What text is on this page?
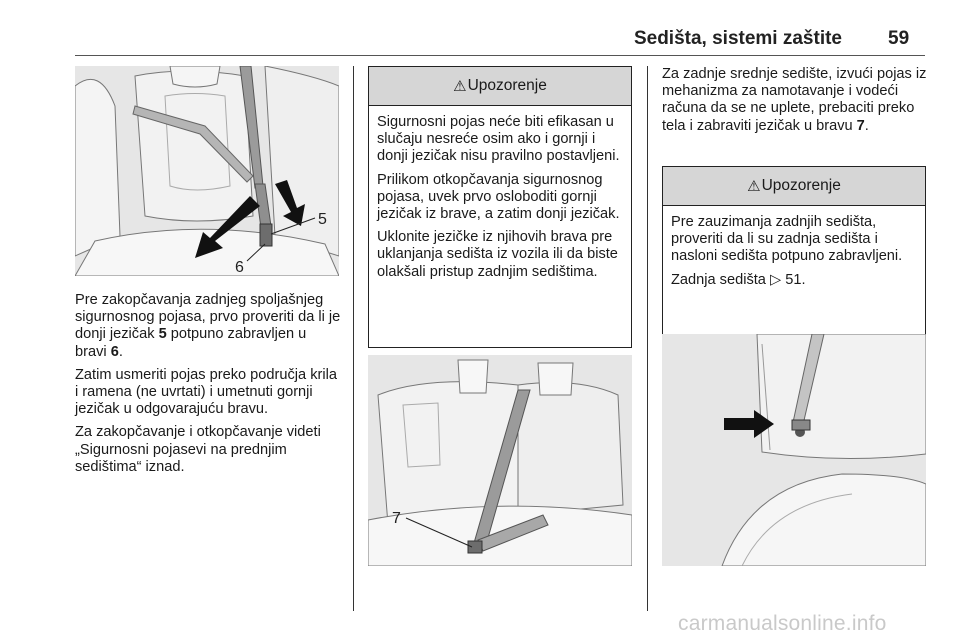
Sedišta, sistemi zaštite 59
5
6

Pre zakopčavanja zadnjeg spoljašnjeg sigurnosnog pojasa, prvo proveriti da li je donji jezičak 5 potpuno zabravljen u bravi 6.

Zatim usmeriti pojas preko područja krila i ramena (ne uvrtati) i umetnuti gornji jezičak u odgovarajuću bravu.

Za zakopčavanje i otkopčavanje videti „Sigurnosni pojasevi na prednjim sedištima“ iznad.

⚠ Upozorenje

Sigurnosni pojas neće biti efikasan u slučaju nesreće osim ako i gornji i donji jezičak nisu pravilno postavljeni.

Prilikom otkopčavanja sigurnosnog pojasa, uvek prvo osloboditi gornji jezičak iz brave, a zatim donji jezičak.

Uklonite jezičke iz njihovih brava pre uklanjanja sedišta iz vozila ili da biste olakšali pristup zadnjim sedištima.

7

Za zadnje srednje sedište, izvući pojas iz mehanizma za namotavanje i vodeći računa da se ne uplete, prebaciti preko tela i zabraviti jezičak u bravu 7.

⚠ Upozorenje

Pre zauzimanja zadnjih sedišta, proveriti da li su zadnja sedišta i nasloni sedišta potpuno zabravljeni.

Zadnja sedišta ▷ 51.

carmanualsonline.info
